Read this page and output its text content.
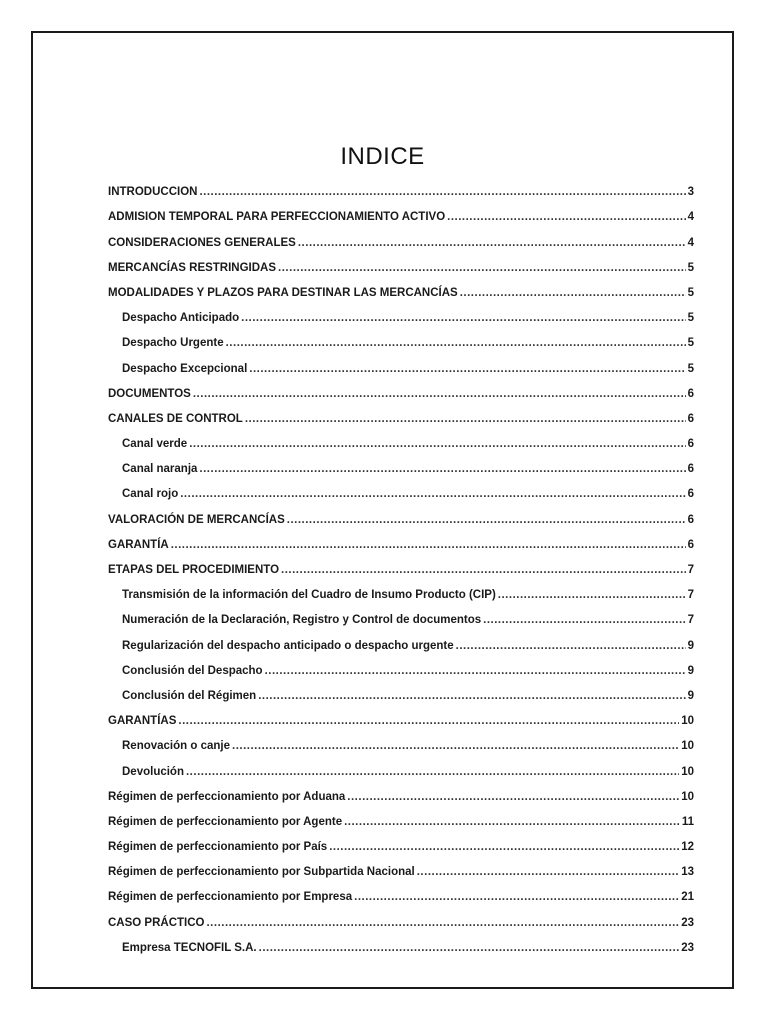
INDICE
INTRODUCCION .....	3
ADMISION TEMPORAL PARA PERFECCIONAMIENTO ACTIVO .....	4
CONSIDERACIONES GENERALES .....	4
MERCANCÍAS RESTRINGIDAS .....	5
MODALIDADES Y PLAZOS PARA DESTINAR LAS MERCANCÍAS .....	5
Despacho Anticipado .....	5
Despacho Urgente .....	5
Despacho Excepcional .....	5
DOCUMENTOS .....	6
CANALES DE CONTROL .....	6
Canal verde .....	6
Canal naranja .....	6
Canal rojo .....	6
VALORACIÓN DE MERCANCÍAS .....	6
GARANTÍA .....	6
ETAPAS DEL PROCEDIMIENTO .....	7
Transmisión de la información del Cuadro de Insumo Producto (CIP) .....	7
Numeración de la Declaración, Registro y Control de documentos .....	7
Regularización del despacho anticipado o despacho urgente .....	9
Conclusión del Despacho .....	9
Conclusión del Régimen .....	9
GARANTÍAS .....	10
Renovación o canje .....	10
Devolución .....	10
Régimen de perfeccionamiento por Aduana .....	10
Régimen de perfeccionamiento por Agente .....	11
Régimen de perfeccionamiento por País .....	12
Régimen de perfeccionamiento por Subpartida Nacional .....	13
Régimen de perfeccionamiento por Empresa .....	21
CASO PRÁCTICO .....	23
Empresa TECNOFIL S.A. .....	23
